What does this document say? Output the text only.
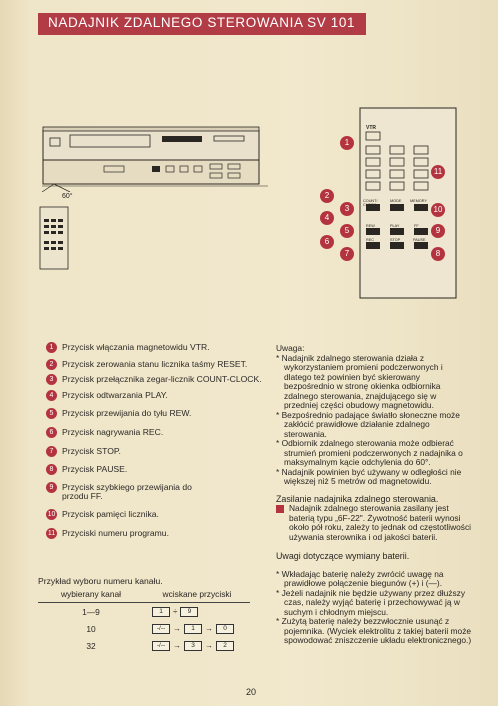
NADAJNIK ZDALNEGO STEROWANIA SV 101
60°
VTR
COUNT/ CLOCK
MODE MEMORY
REW	PLAY	FF
REC	STOP	PAUSE
1
2
3
4
5
6
7	8
9
10
11
1 Przycisk włączania magnetowidu VTR.
2 Przycisk zerowania stanu licznika taśmy RESET.
3 Przycisk przełącznika zegar-licznik COUNT-CLOCK.
4 Przycisk odtwarzania PLAY.
5 Przycisk przewijania do tyłu REW.
6 Przycisk nagrywania REC.
7 Przycisk STOP.
8 Przycisk PAUSE.
9 Przycisk szybkiego przewijania do przodu FF.
10 Przycisk pamięci licznika.
11 Przyciski numeru programu.
Przykład wyboru numeru kanału.
wybierany kanał	wciskane przyciski
1—9	1	÷	9
10	-/-- →	1	→	0
32	-/-- →	3	→	2

Uwaga:

* Nadajnik zdalnego sterowania działa z wykorzystaniem promieni podczerwonych i dlatego też powinien być skierowany bezpośrednio w stronę okienka odbiornika zdalnego sterowania, znajdującego się w przedniej części obudowy magnetowidu.

* Bezpośrednio padające światło słoneczne może zakłócić prawidłowe działanie zdalnego sterowania.

* Odbiornik zdalnego sterowania może odbierać strumień promieni podczerwonych z nadajnika o maksymalnym kącie odchylenia do 60°.

* Nadajnik powinien być używany w odległości nie większej niż 5 metrów od magnetowidu.

Zasilanie nadajnika zdalnego sterowania.

Nadajnik zdalnego sterowania zasilany jest baterią typu „6F-22". Żywotność baterii wynosi około pół roku, zależy to jednak od częstotliwości używania sterownika i od jakości baterii.

Uwagi dotyczące wymiany baterii.

* Wkładając baterię należy zwrócić uwagę na prawidłowe połączenie biegunów (+) i (—).

* Jeżeli nadajnik nie będzie używany przez dłuższy czas, należy wyjąć baterię i przechowywać ją w suchym i chłodnym miejscu.

* Zużytą baterię należy bezzwłocznie usunąć z pojemnika. (Wyciek elektrolitu z takiej baterii może spowodować zniszczenie układu elektronicznego.)

20
